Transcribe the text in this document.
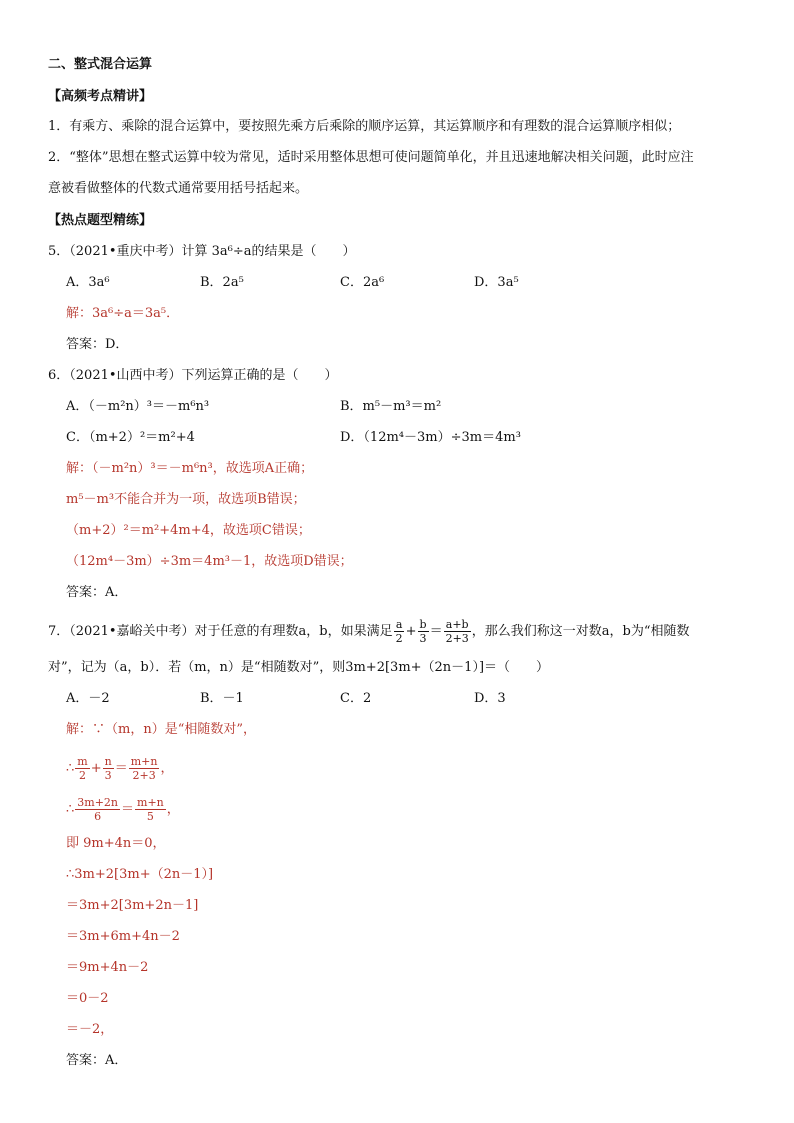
二、整式混合运算
【高频考点精讲】
1．有乘方、乘除的混合运算中，要按照先乘方后乘除的顺序运算，其运算顺序和有理数的混合运算顺序相似；
2．“整体”思想在整式运算中较为常见，适时采用整体思想可使问题简单化，并且迅速地解决相关问题，此时应注
意被看做整体的代数式通常要用括号括起来。
【热点题型精练】
5．（2021•重庆中考）计算 3a⁶÷a的结果是（　　）
A．3a⁶	B．2a⁵	C．2a⁶	D．3a⁵
解：3a⁶÷a＝3a⁵．
答案：D．
6．（2021•山西中考）下列运算正确的是（　　）
A．（－m²n）³＝－m⁶n³	B．m⁵－m³＝m²
C．（m+2）²＝m²+4	D．（12m⁴－3m）÷3m＝4m³
解：（－m²n）³＝－m⁶n³，故选项A正确；
m⁵－m³不能合并为一项，故选项B错误；
（m+2）²＝m²+4m+4，故选项C错误；
（12m⁴－3m）÷3m＝4m³－1，故选项D错误；
答案：A．
7．（2021•嘉峪关中考）对于任意的有理数a，b，如果满足 $\frac{a}{2} + \frac{b}{3} = \frac{a+b}{2+3}$ ，那么我们称这一对数a，b为“相随数
对”，记为（a，b）．若（m，n）是“相随数对”，则3m+2[3m+（2n－1）]＝（　　）
A．－2	B．－1	C．2	D．3
解：∵（m，n）是“相随数对”，
∴ $\frac{m}{2} + \frac{n}{3} = \frac{m+n}{2+3}$ ，
∴ $\frac{3m+2n}{6} = \frac{m+n}{5}$ ，
即 9m+4n＝0，
∴3m+2[3m+（2n－1）]
＝3m+2[3m+2n－1]
＝3m+6m+4n－2
＝9m+4n－2
＝0－2
＝－2，
答案：A．
